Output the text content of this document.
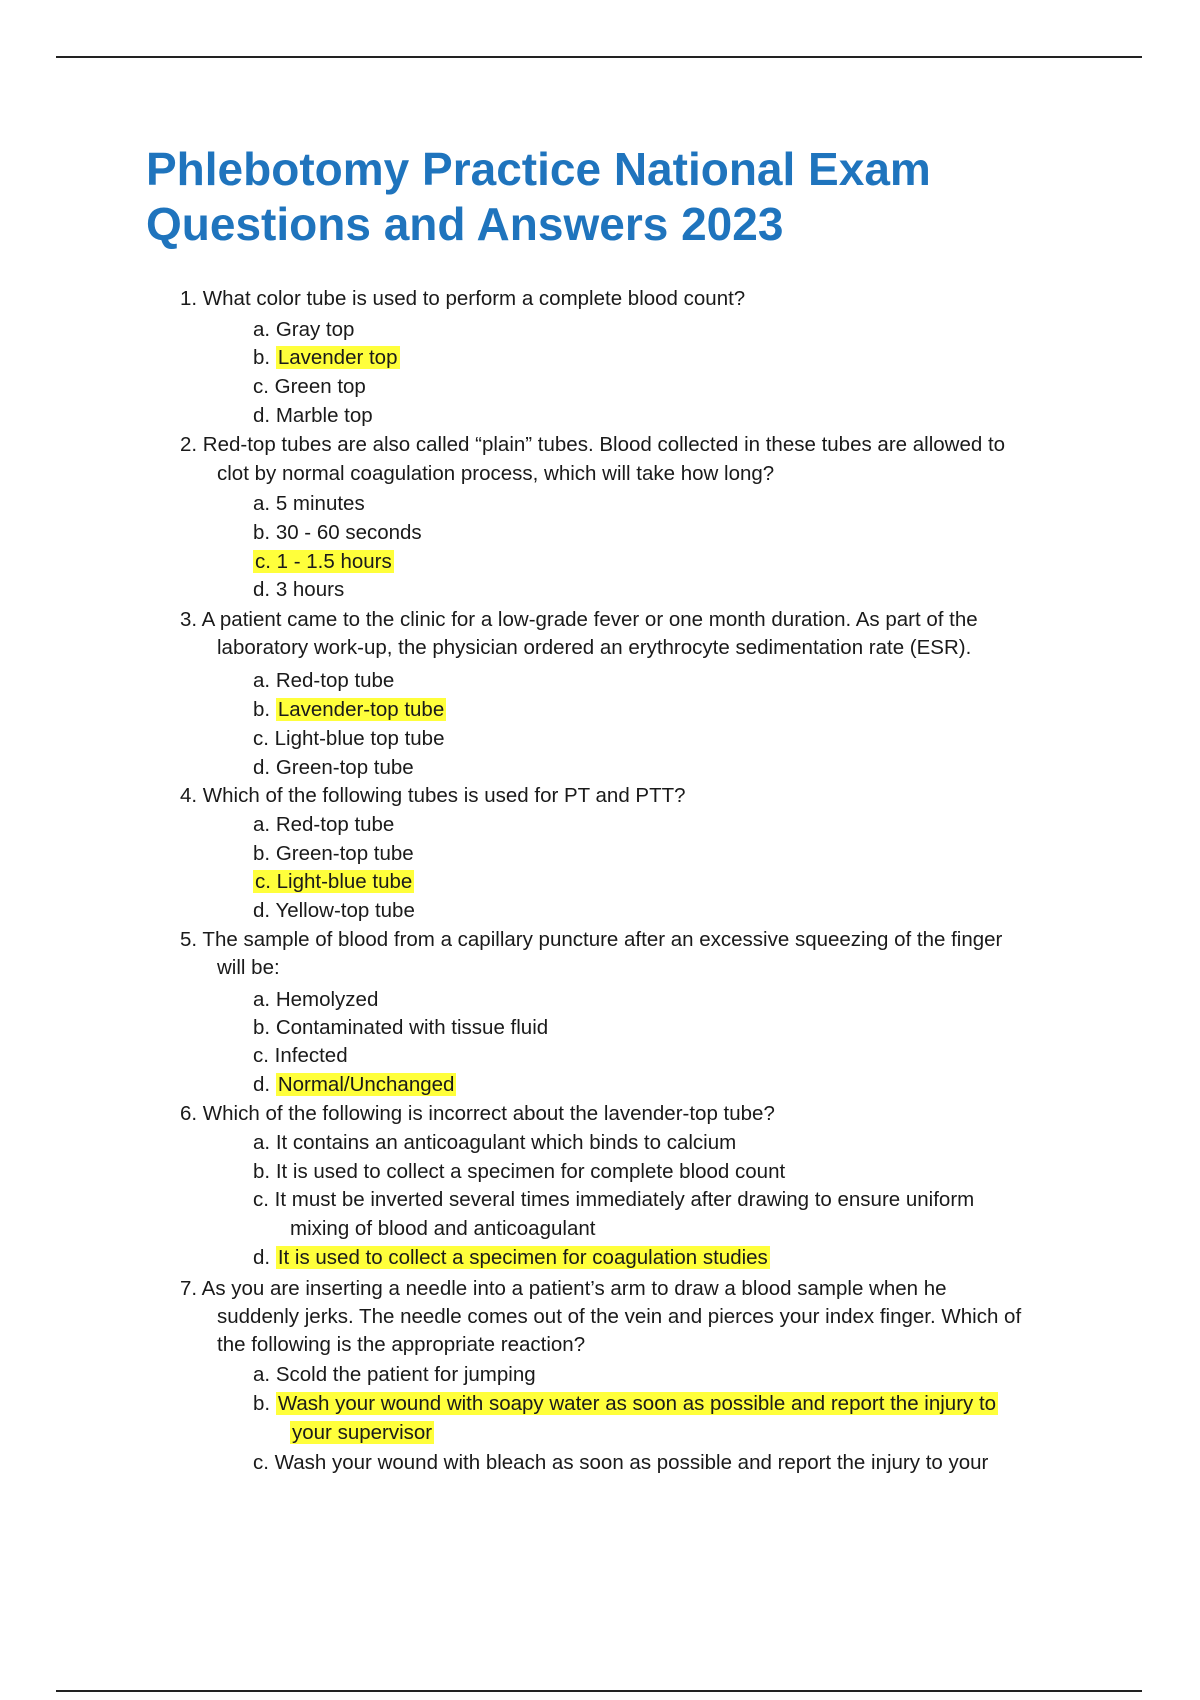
Phlebotomy Practice National Exam
Questions and Answers 2023
1. What color tube is used to perform a complete blood count?
a. Gray top
b. Lavender top
c. Green top
d. Marble top
2. Red-top tubes are also called “plain” tubes. Blood collected in these tubes are allowed to
clot by normal coagulation process, which will take how long?
a. 5 minutes
b. 30 - 60 seconds
c. 1 - 1.5 hours
d. 3 hours
3. A patient came to the clinic for a low-grade fever or one month duration. As part of the
laboratory work-up, the physician ordered an erythrocyte sedimentation rate (ESR).
a. Red-top tube
b. Lavender-top tube
c. Light-blue top tube
d. Green-top tube
4. Which of the following tubes is used for PT and PTT?
a. Red-top tube
b. Green-top tube
c. Light-blue tube
d. Yellow-top tube
5. The sample of blood from a capillary puncture after an excessive squeezing of the finger
will be:
a. Hemolyzed
b. Contaminated with tissue fluid
c. Infected
d. Normal/Unchanged
6. Which of the following is incorrect about the lavender-top tube?
a. It contains an anticoagulant which binds to calcium
b. It is used to collect a specimen for complete blood count
c. It must be inverted several times immediately after drawing to ensure uniform
mixing of blood and anticoagulant
d. It is used to collect a specimen for coagulation studies
7. As you are inserting a needle into a patient’s arm to draw a blood sample when he
suddenly jerks. The needle comes out of the vein and pierces your index finger. Which of
the following is the appropriate reaction?
a. Scold the patient for jumping
b. Wash your wound with soapy water as soon as possible and report the injury to
your supervisor
c. Wash your wound with bleach as soon as possible and report the injury to your
